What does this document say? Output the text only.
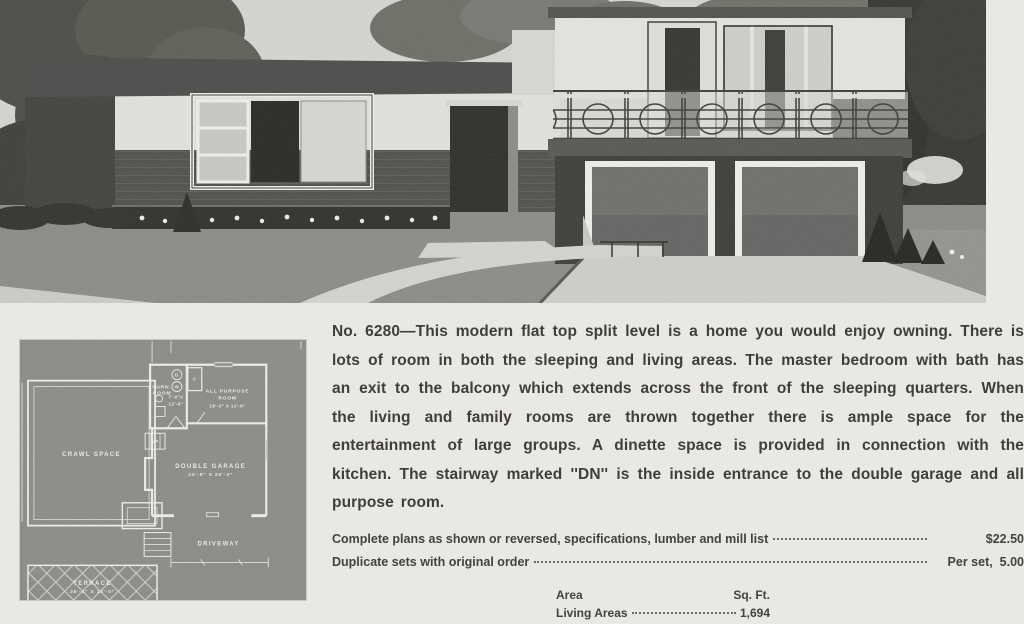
CRAWL SPACE
FURN.
ROOM
7'-0"x
12'-8"
D
W
C
ALL PURPOSE
ROOM
18'-3" X 12'-8"
UP
DOUBLE GARAGE
23'-8" X 20'-3"
DRIVEWAY
TERRACE
26'-4" X 12'-0"

No. 6280—This modern flat top split level is a home you would enjoy owning. There is lots of room in both the sleeping and living areas. The master bedroom with bath has an exit to the balcony which extends across the front of the sleeping quarters. When the living and family rooms are thrown together there is ample space for the entertainment of large groups. A dinette space is provided in connection with the kitchen. The stairway marked ''DN'' is the inside entrance to the double garage and all purpose room.

Complete plans as shown or reversed, specifications, lumber and mill list	$22.50
Duplicate sets with original order	Per set,  5.00
Area	Sq. Ft.
Living Areas	1,694
